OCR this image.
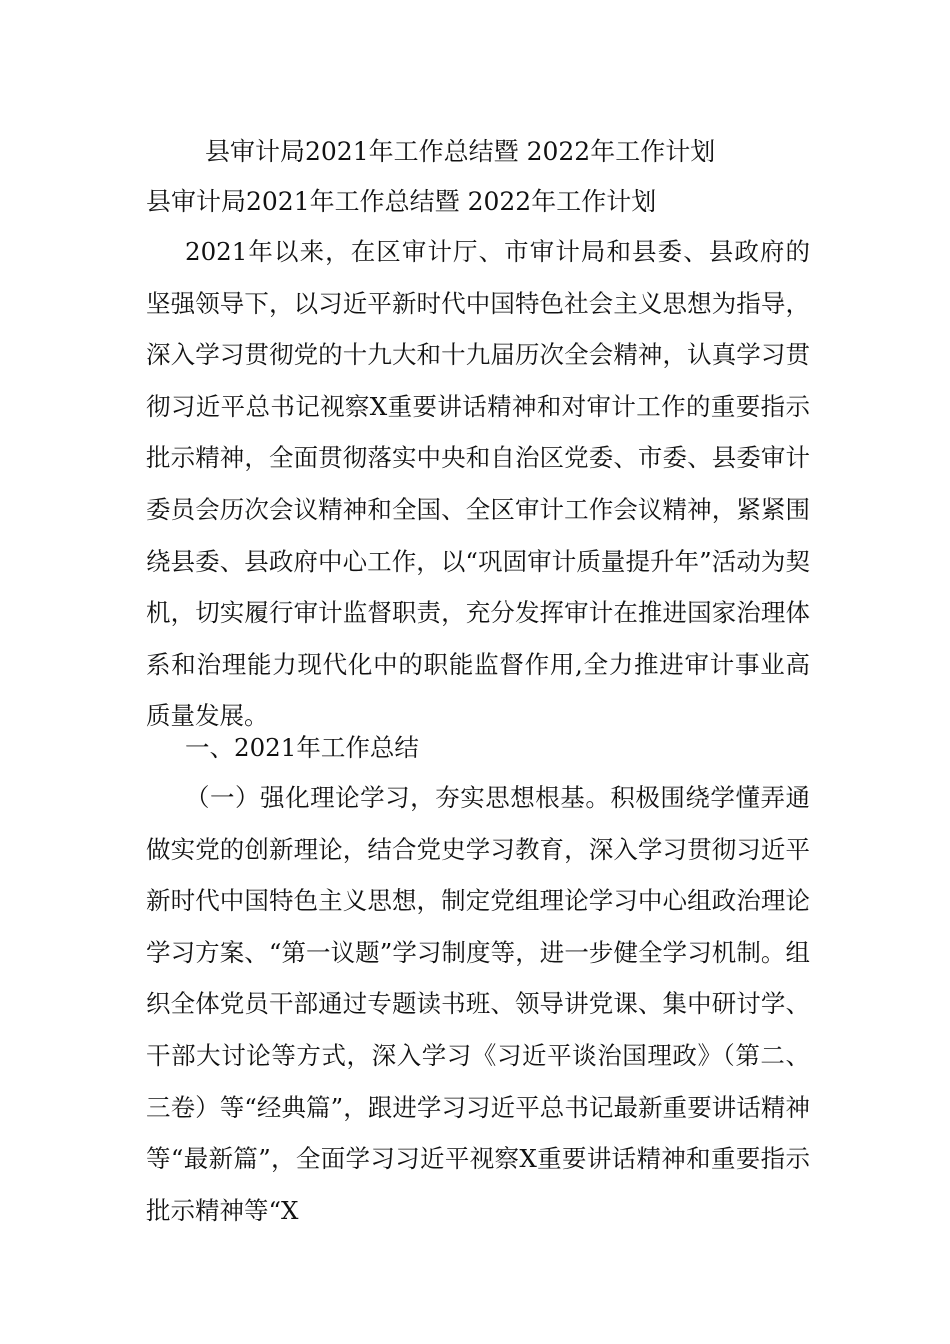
县审计局2021年工作总结暨 2022年工作计划
县审计局2021年工作总结暨 2022年工作计划

2021年以来，在区审计厅、市审计局和县委、县政府的坚强领导下，以习近平新时代中国特色社会主义思想为指导，深入学习贯彻党的十九大和十九届历次全会精神，认真学习贯彻习近平总书记视察X重要讲话精神和对审计工作的重要指示批示精神，全面贯彻落实中央和自治区党委、市委、县委审计委员会历次会议精神和全国、全区审计工作会议精神，紧紧围绕县委、县政府中心工作，以“巩固审计质量提升年”活动为契机，切实履行审计监督职责，充分发挥审计在推进国家治理体系和治理能力现代化中的职能监督作用,全力推进审计事业高质量发展。

一、2021年工作总结

（一）强化理论学习，夯实思想根基。积极围绕学懂弄通做实党的创新理论，结合党史学习教育，深入学习贯彻习近平新时代中国特色主义思想，制定党组理论学习中心组政治理论学习方案、“第一议题”学习制度等，进一步健全学习机制。组织全体党员干部通过专题读书班、领导讲党课、集中研讨学、干部大讨论等方式，深入学习《习近平谈治国理政》（第二、三卷）等“经典篇”，跟进学习习近平总书记最新重要讲话精神等“最新篇”，全面学习习近平视察X重要讲话精神和重要指示批示精神等“X
